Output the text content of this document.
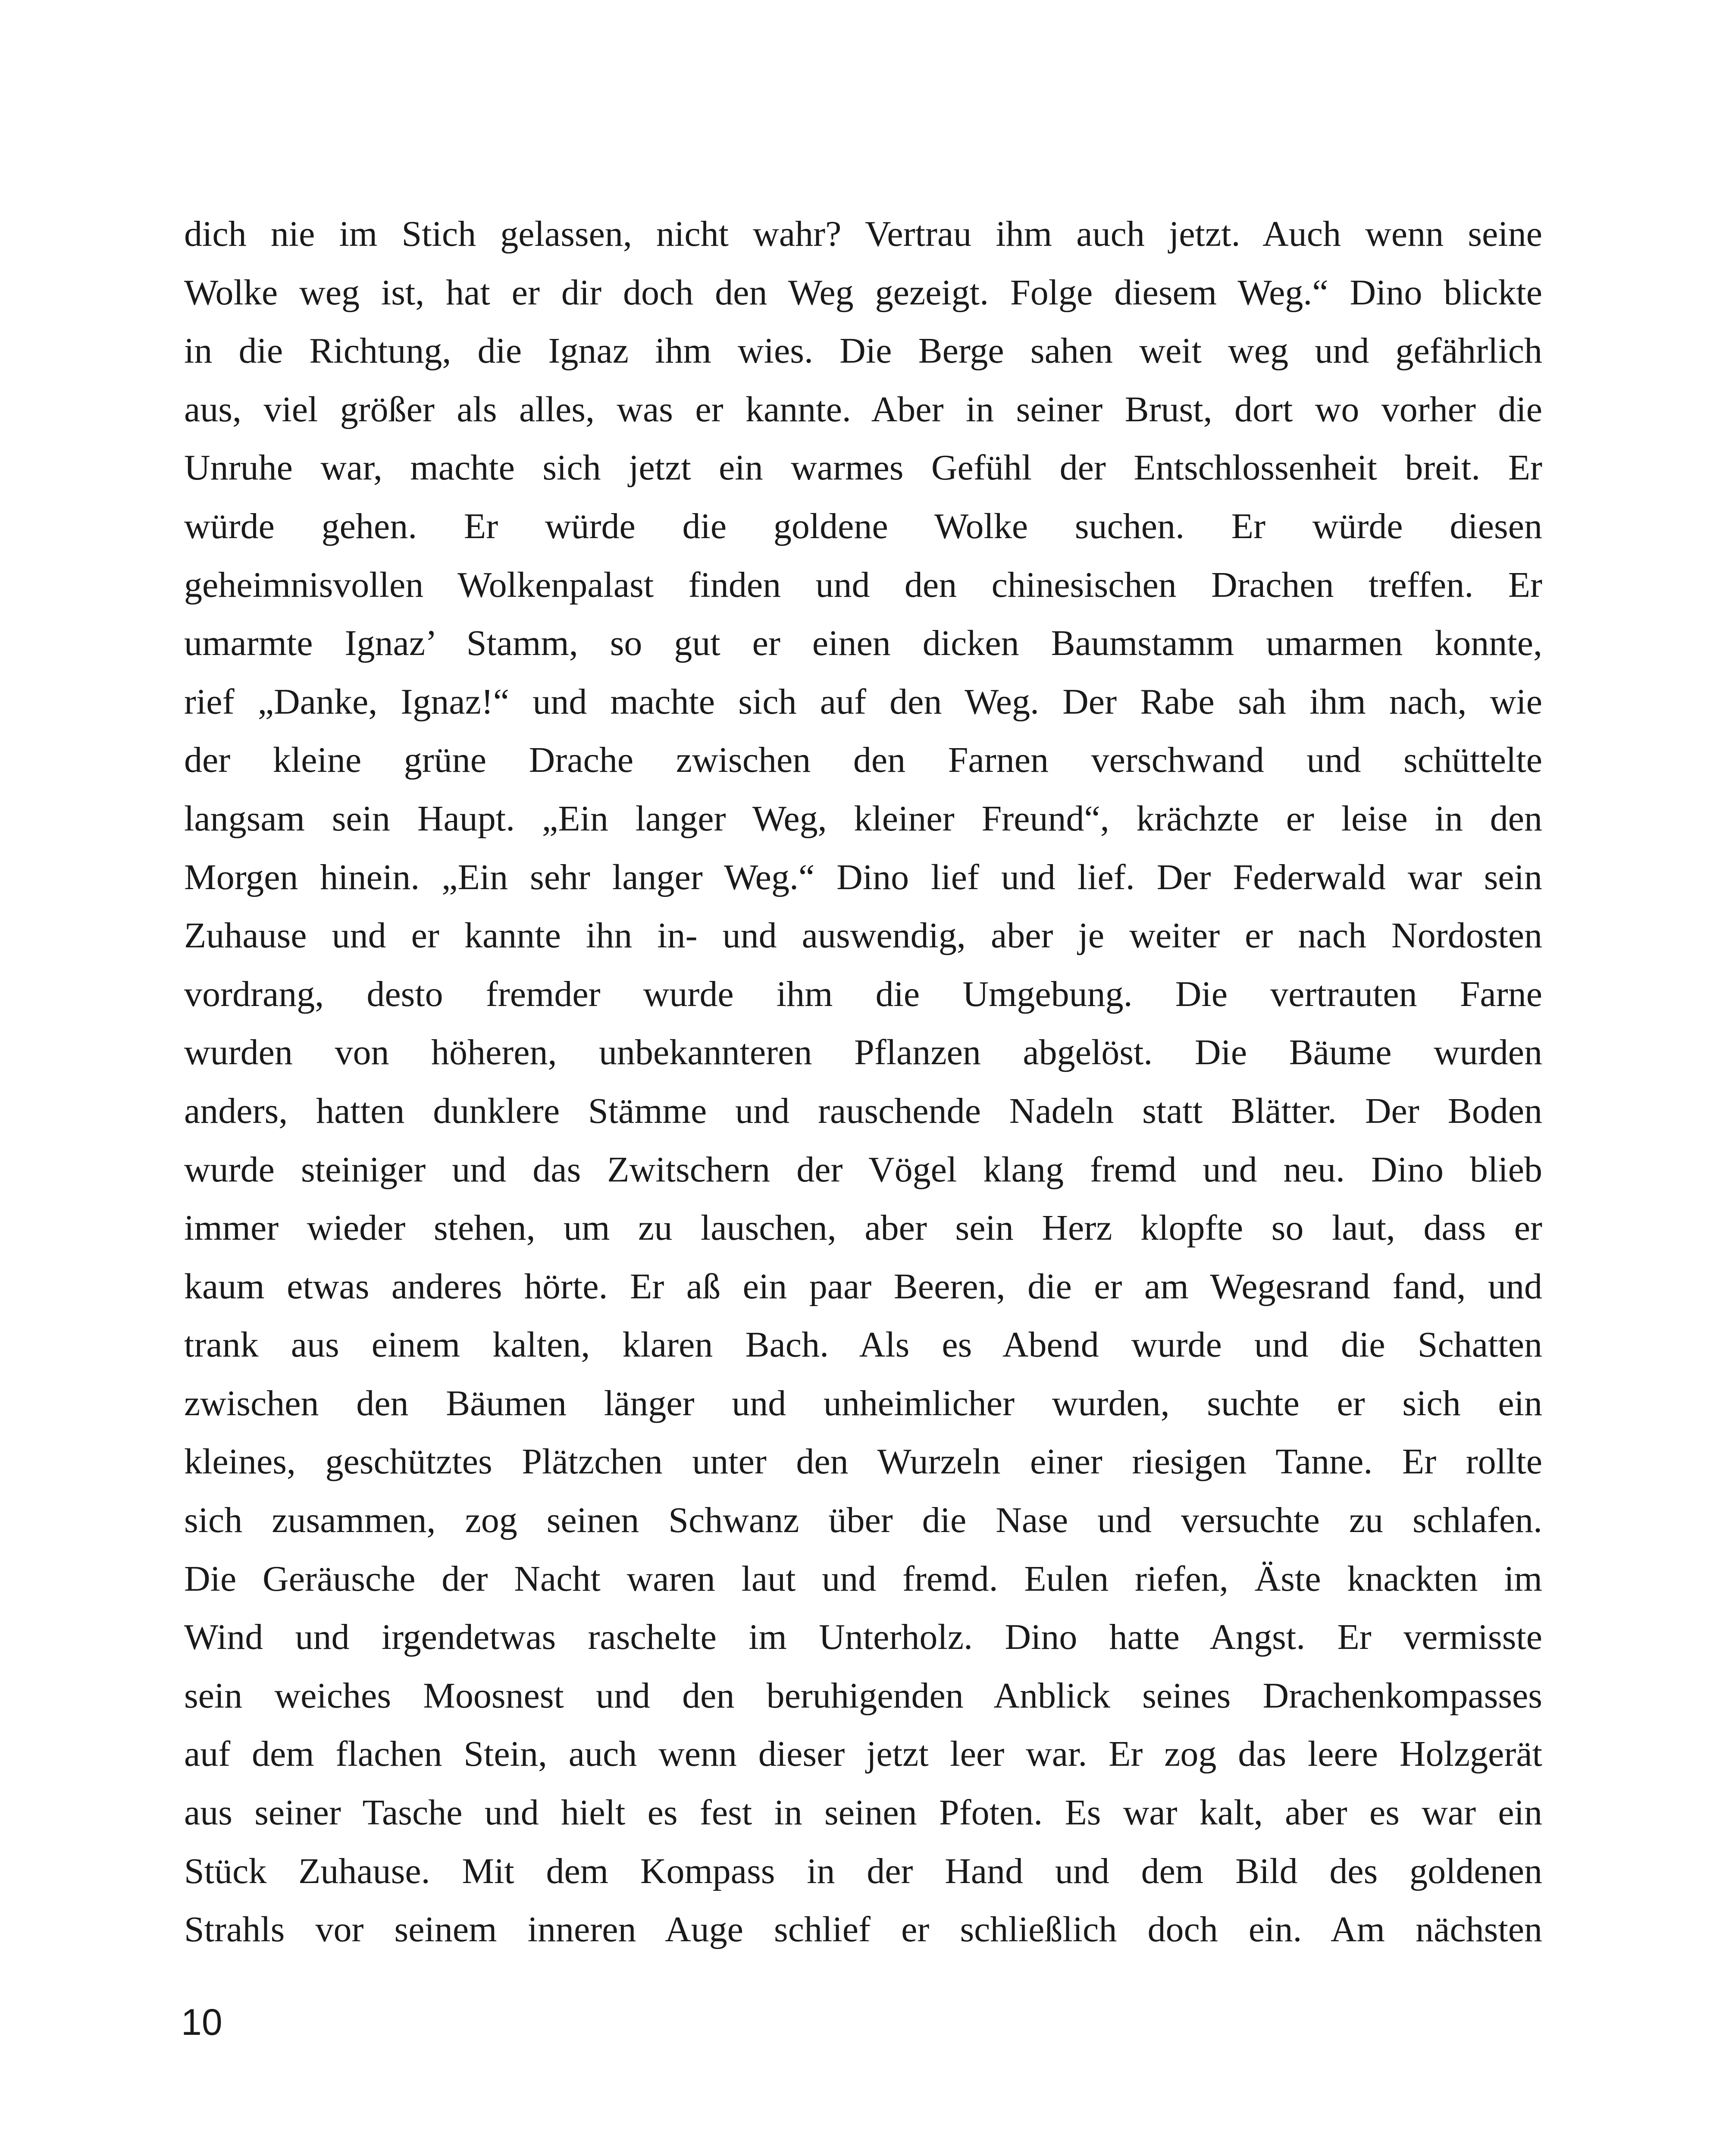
dich nie im Stich gelassen, nicht wahr? Vertrau ihm auch jetzt. Auch wenn seine
Wolke weg ist, hat er dir doch den Weg gezeigt. Folge diesem Weg.“ Dino blickte
in die Richtung, die Ignaz ihm wies. Die Berge sahen weit weg und gefährlich
aus, viel größer als alles, was er kannte. Aber in seiner Brust, dort wo vorher die
Unruhe war, machte sich jetzt ein warmes Gefühl der Entschlossenheit breit. Er
würde gehen. Er würde die goldene Wolke suchen. Er würde diesen
geheimnisvollen Wolkenpalast finden und den chinesischen Drachen treffen. Er
umarmte Ignaz’ Stamm, so gut er einen dicken Baumstamm umarmen konnte,
rief „Danke, Ignaz!“ und machte sich auf den Weg. Der Rabe sah ihm nach, wie
der kleine grüne Drache zwischen den Farnen verschwand und schüttelte
langsam sein Haupt. „Ein langer Weg, kleiner Freund“, krächzte er leise in den
Morgen hinein. „Ein sehr langer Weg.“ Dino lief und lief. Der Federwald war sein
Zuhause und er kannte ihn in- und auswendig, aber je weiter er nach Nordosten
vordrang, desto fremder wurde ihm die Umgebung. Die vertrauten Farne
wurden von höheren, unbekannteren Pflanzen abgelöst. Die Bäume wurden
anders, hatten dunklere Stämme und rauschende Nadeln statt Blätter. Der Boden
wurde steiniger und das Zwitschern der Vögel klang fremd und neu. Dino blieb
immer wieder stehen, um zu lauschen, aber sein Herz klopfte so laut, dass er
kaum etwas anderes hörte. Er aß ein paar Beeren, die er am Wegesrand fand, und
trank aus einem kalten, klaren Bach. Als es Abend wurde und die Schatten
zwischen den Bäumen länger und unheimlicher wurden, suchte er sich ein
kleines, geschütztes Plätzchen unter den Wurzeln einer riesigen Tanne. Er rollte
sich zusammen, zog seinen Schwanz über die Nase und versuchte zu schlafen.
Die Geräusche der Nacht waren laut und fremd. Eulen riefen, Äste knackten im
Wind und irgendetwas raschelte im Unterholz. Dino hatte Angst. Er vermisste
sein weiches Moosnest und den beruhigenden Anblick seines Drachenkompasses
auf dem flachen Stein, auch wenn dieser jetzt leer war. Er zog das leere Holzgerät
aus seiner Tasche und hielt es fest in seinen Pfoten. Es war kalt, aber es war ein
Stück Zuhause. Mit dem Kompass in der Hand und dem Bild des goldenen
Strahls vor seinem inneren Auge schlief er schließlich doch ein. Am nächsten
10
